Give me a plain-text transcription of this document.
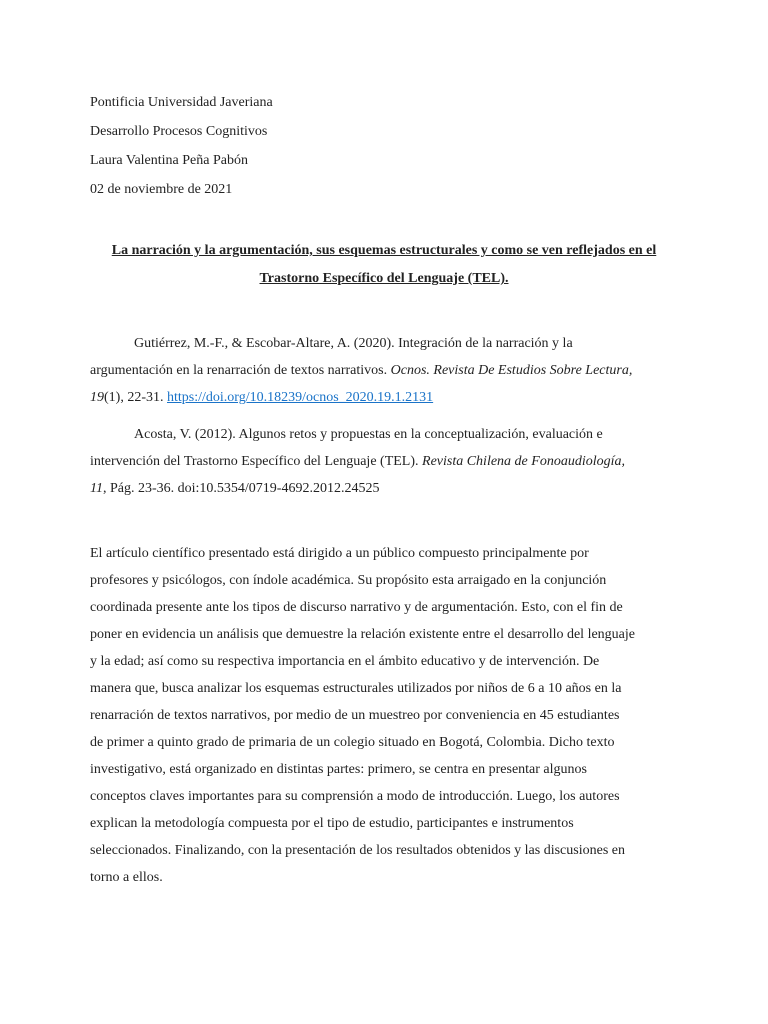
Pontificia Universidad Javeriana
Desarrollo Procesos Cognitivos
Laura Valentina Peña Pabón
02 de noviembre de 2021
La narración y la argumentación, sus esquemas estructurales y como se ven reflejados en el
Trastorno Específico del Lenguaje (TEL).
Gutiérrez, M.-F., & Escobar-Altare, A. (2020). Integración de la narración y la
argumentación en la renarración de textos narrativos. Ocnos. Revista De Estudios Sobre Lectura,
19(1), 22-31. https://doi.org/10.18239/ocnos_2020.19.1.2131
Acosta, V. (2012). Algunos retos y propuestas en la conceptualización, evaluación e
intervención del Trastorno Específico del Lenguaje (TEL). Revista Chilena de Fonoaudiología,
11, Pág. 23-36. doi:10.5354/0719-4692.2012.24525
El artículo científico presentado está dirigido a un público compuesto principalmente por
profesores y psicólogos, con índole académica. Su propósito esta arraigado en la conjunción
coordinada presente ante los tipos de discurso narrativo y de argumentación. Esto, con el fin de
poner en evidencia un análisis que demuestre la relación existente entre el desarrollo del lenguaje
y la edad; así como su respectiva importancia en el ámbito educativo y de intervención. De
manera que, busca analizar los esquemas estructurales utilizados por niños de 6 a 10 años en la
renarración de textos narrativos, por medio de un muestreo por conveniencia en 45 estudiantes
de primer a quinto grado de primaria de un colegio situado en Bogotá, Colombia. Dicho texto
investigativo, está organizado en distintas partes: primero, se centra en presentar algunos
conceptos claves importantes para su comprensión a modo de introducción. Luego, los autores
explican la metodología compuesta por el tipo de estudio, participantes e instrumentos
seleccionados. Finalizando, con la presentación de los resultados obtenidos y las discusiones en
torno a ellos.
